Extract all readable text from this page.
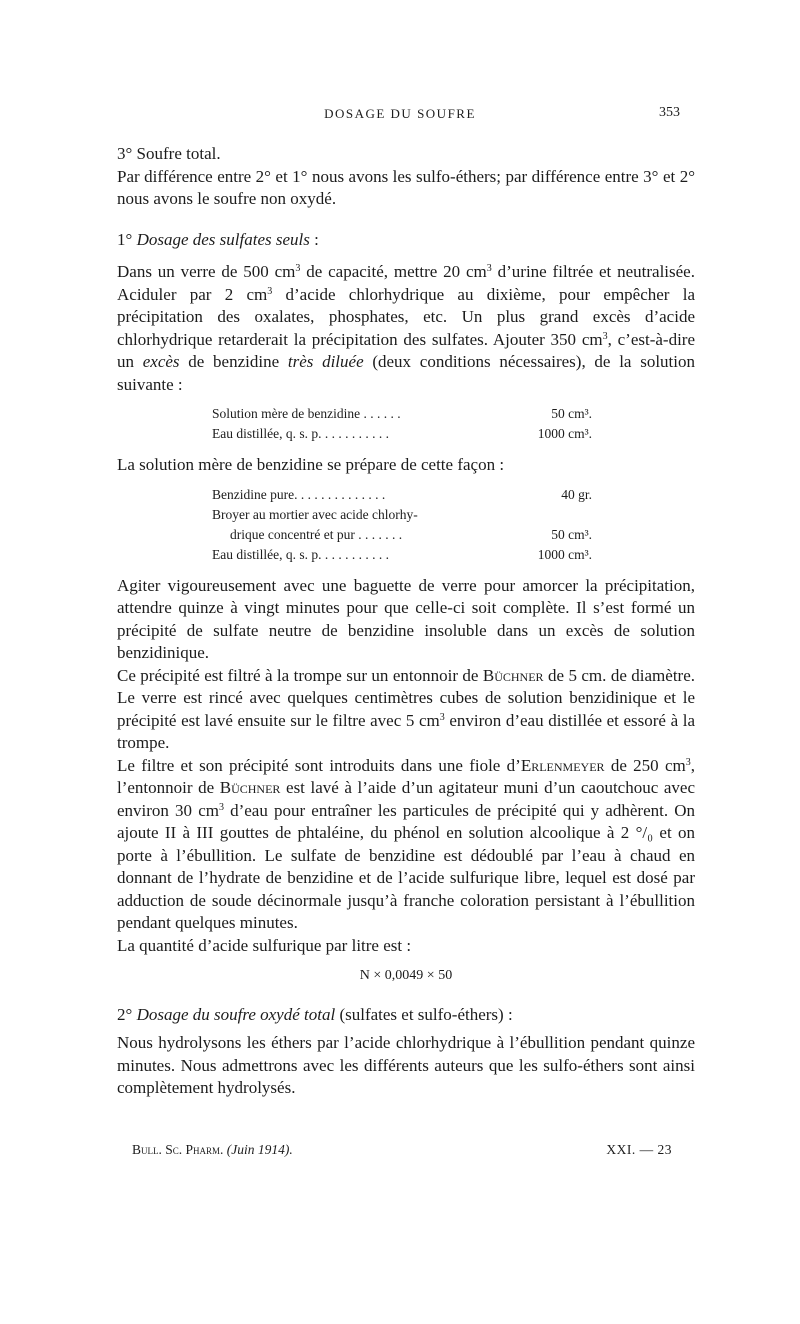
DOSAGE DU SOUFRE	353

3° Soufre total.

Par différence entre 2° et 1° nous avons les sulfo-éthers; par différence entre 3° et 2° nous avons le soufre non oxydé.

1° Dosage des sulfates seuls :

Dans un verre de 500 $cm^3$ de capacité, mettre 20 $cm^3$ d’urine filtrée et neutralisée. Aciduler par 2 $cm^3$ d’acide chlorhydrique au dixième, pour empêcher la précipitation des oxalates, phosphates, etc. Un plus grand excès d’acide chlorhydrique retarderait la précipitation des sulfates. Ajouter 350 $cm^3$, c’est-à-dire un excès de benzidine très diluée (deux conditions nécessaires), de la solution suivante :

Solution mère de benzidine . . . . . .	50 cm³.
Eau distillée, q. s. p. . . . . . . . . . .	1000 cm³.

La solution mère de benzidine se prépare de cette façon :

Benzidine pure. . . . . . . . . . . . . .	40 gr.
Broyer au mortier avec acide chlorhy-
drique concentré et pur . . . . . . .	50 cm³.
Eau distillée, q. s. p. . . . . . . . . . .	1000 cm³.

Agiter vigoureusement avec une baguette de verre pour amorcer la précipitation, attendre quinze à vingt minutes pour que celle-ci soit complète. Il s’est formé un précipité de sulfate neutre de benzidine insoluble dans un excès de solution benzidinique.

Ce précipité est filtré à la trompe sur un entonnoir de Büchner de 5 cm. de diamètre. Le verre est rincé avec quelques centimètres cubes de solution benzidinique et le précipité est lavé ensuite sur le filtre avec 5 $cm^3$ environ d’eau distillée et essoré à la trompe.

Le filtre et son précipité sont introduits dans une fiole d’Erlenmeyer de 250 $cm^3$, l’entonnoir de Büchner est lavé à l’aide d’un agitateur muni d’un caoutchouc avec environ 30 $cm^3$ d’eau pour entraîner les particules de précipité qui y adhèrent. On ajoute II à III gouttes de phtaléine, du phénol en solution alcoolique à 2 °/₀ et on porte à l’ébullition. Le sulfate de benzidine est dédoublé par l’eau à chaud en donnant de l’hydrate de benzidine et de l’acide sulfurique libre, lequel est dosé par adduction de soude décinormale jusqu’à franche coloration persistant à l’ébullition pendant quelques minutes.

La quantité d’acide sulfurique par litre est :

N × 0,0049 × 50

2° Dosage du soufre oxydé total (sulfates et sulfo-éthers) :

Nous hydrolysons les éthers par l’acide chlorhydrique à l’ébullition pendant quinze minutes. Nous admettrons avec les différents auteurs que les sulfo-éthers sont ainsi complètement hydrolysés.

Bull. Sc. Pharm. (Juin 1914).	XXI. — 23
